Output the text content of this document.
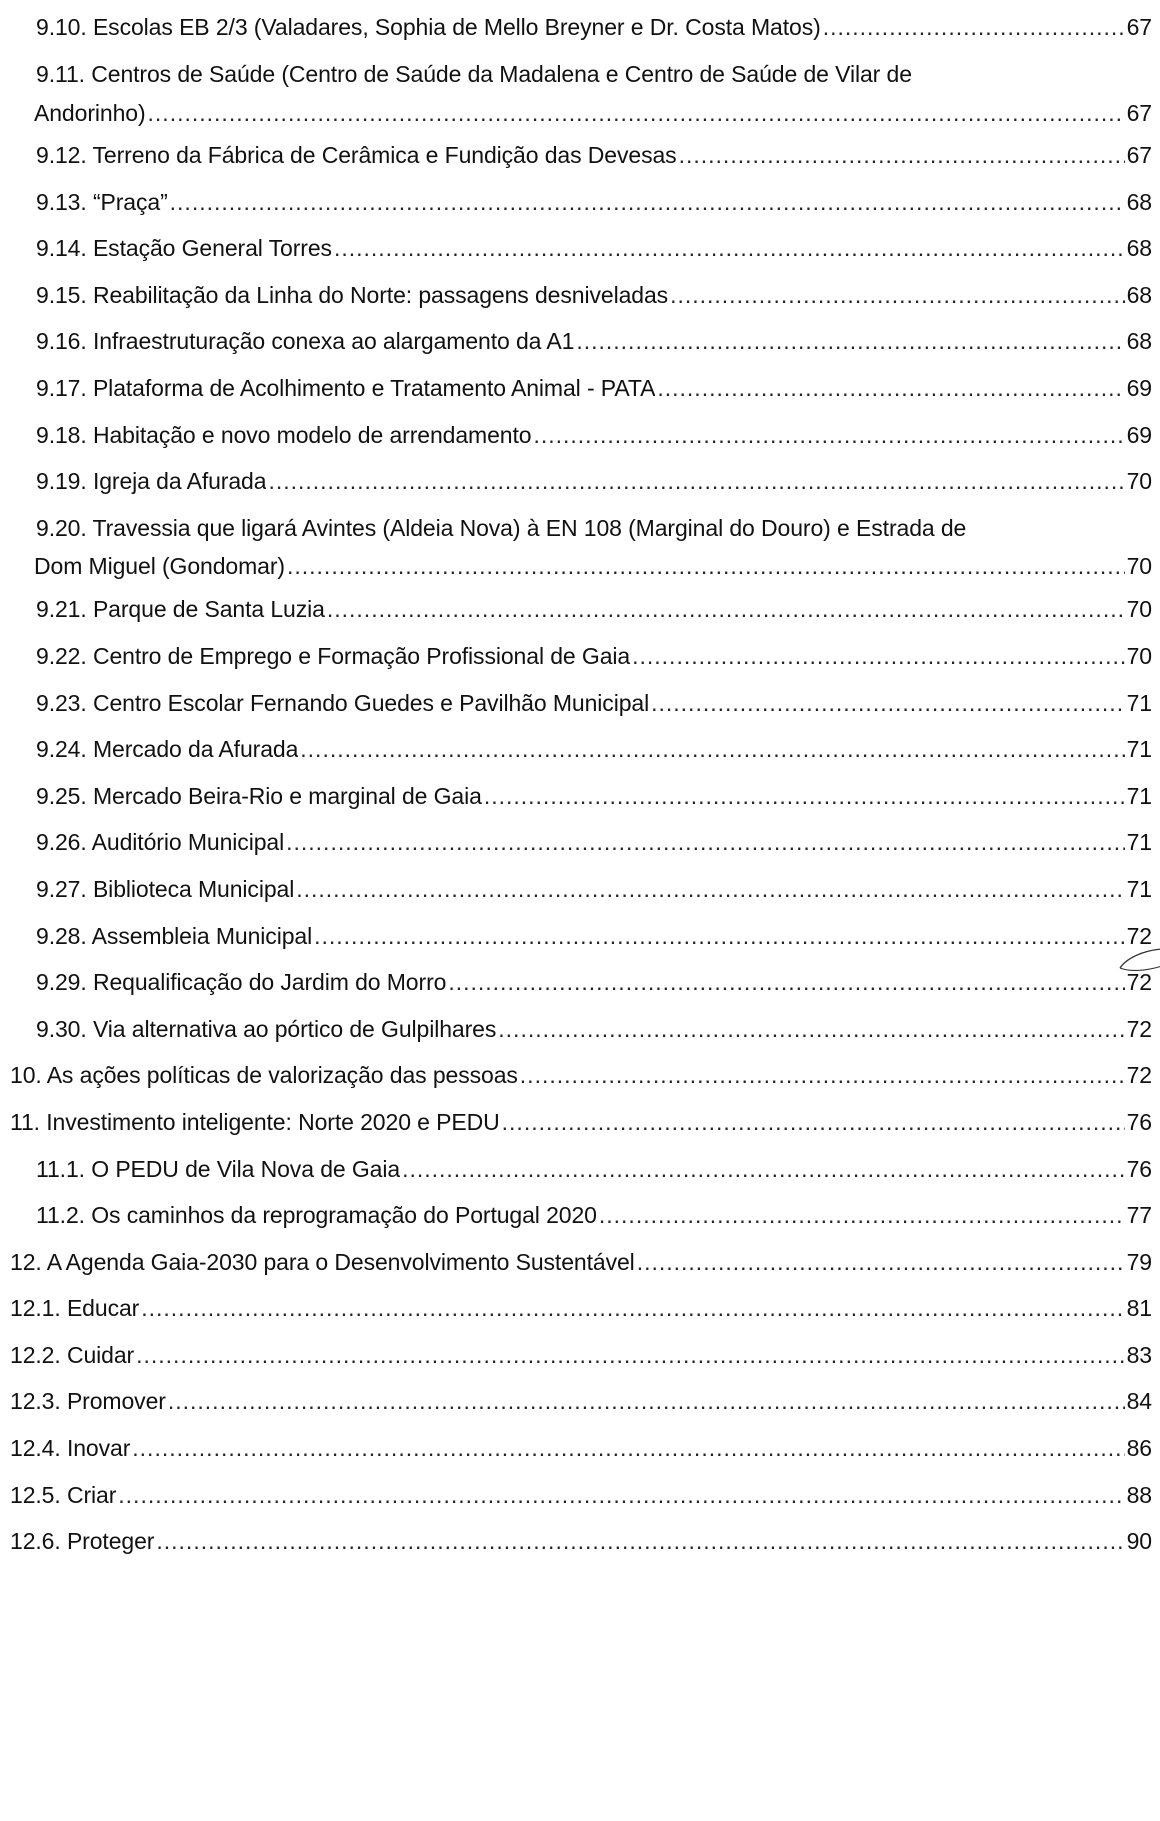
9.10. Escolas EB 2/3 (Valadares, Sophia de Mello Breyner e Dr. Costa Matos) .....	67
9.11. Centros de Saúde (Centro de Saúde da Madalena e Centro de Saúde de Vilar de
Andorinho) .....	67
9.12. Terreno da Fábrica de Cerâmica e Fundição das Devesas .....	67
9.13. “Praça” .....	68
9.14. Estação General Torres .....	68
9.15. Reabilitação da Linha do Norte: passagens desniveladas .....	68
9.16. Infraestruturação conexa ao alargamento da A1 .....	68
9.17. Plataforma de Acolhimento e Tratamento Animal - PATA .....	69
9.18. Habitação e novo modelo de arrendamento .....	69
9.19. Igreja da Afurada .....	70
9.20. Travessia que ligará Avintes (Aldeia Nova) à EN 108 (Marginal do Douro) e Estrada de
Dom Miguel (Gondomar) .....	70
9.21. Parque de Santa Luzia .....	70
9.22. Centro de Emprego e Formação Profissional de Gaia .....	70
9.23. Centro Escolar Fernando Guedes e Pavilhão Municipal .....	71
9.24. Mercado da Afurada .....	71
9.25. Mercado Beira-Rio e marginal de Gaia .....	71
9.26. Auditório Municipal .....	71
9.27. Biblioteca Municipal .....	71
9.28. Assembleia Municipal .....	72
9.29. Requalificação do Jardim do Morro .....	72
9.30. Via alternativa ao pórtico de Gulpilhares .....	72
10. As ações políticas de valorização das pessoas .....	72
11. Investimento inteligente: Norte 2020 e PEDU .....	76
11.1. O PEDU de Vila Nova de Gaia .....	76
11.2. Os caminhos da reprogramação do Portugal 2020 .....	77
12. A Agenda Gaia-2030 para o Desenvolvimento Sustentável .....	79
12.1. Educar .....	81
12.2. Cuidar .....	83
12.3. Promover .....	84
12.4. Inovar .....	86
12.5. Criar .....	88
12.6. Proteger .....	90
